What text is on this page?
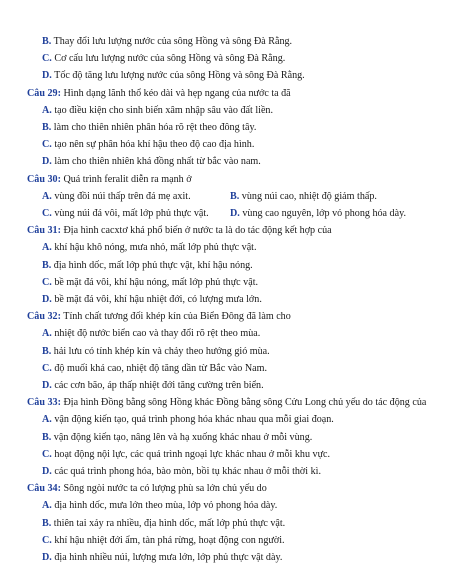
B. Thay đổi lưu lượng nước của sông Hồng và sông Đà Rằng.
C. Cơ cấu lưu lượng nước của sông Hồng và sông Đà Rằng.
D. Tốc độ tăng lưu lượng nước của sông Hồng và sông Đà Rằng.
Câu 29: Hình dạng lãnh thổ kéo dài và hẹp ngang của nước ta đã
A. tạo điều kiện cho sinh biến xâm nhập sâu vào đất liền.
B. làm cho thiên nhiên phân hóa rõ rệt theo đông tây.
C. tạo nên sự phân hóa khí hậu theo độ cao địa hình.
D. làm cho thiên nhiên khá đồng nhất từ bắc vào nam.
Câu 30: Quá trình feralit diễn ra mạnh ở
A. vùng đồi núi thấp trên đá mẹ axit.	B. vùng núi cao, nhiệt độ giảm thấp.
C. vùng núi đá vôi, mất lớp phủ thực vật. D. vùng cao nguyên, lớp vỏ phong hóa dày.
Câu 31: Địa hình cacxtơ khá phổ biến ở nước ta là do tác động kết hợp của
A. khí hậu khô nóng, mưa nhỏ, mất lớp phủ thực vật.
B. địa hình dốc, mất lớp phủ thực vật, khí hậu nóng.
C. bề mặt đá vôi, khí hậu nóng, mất lớp phủ thực vật.
D. bề mặt đá vôi, khí hậu nhiệt đới, có lượng mưa lớn.
Câu 32: Tính chất tương đối khép kín của Biển Đông đã làm cho
A. nhiệt độ nước biển cao và thay đổi rõ rệt theo mùa.
B. hải lưu có tính khép kín và chảy theo hướng gió mùa.
C. độ muối khá cao, nhiệt độ tăng dần từ Bắc vào Nam.
D. các cơn bão, áp thấp nhiệt đới tăng cường trên biển.
Câu 33: Địa hình Đồng bằng sông Hồng khác Đồng bằng sông Cửu Long chủ yếu do tác động của
A. vận động kiến tạo, quá trình phong hóa khác nhau qua mỗi giai đoạn.
B. vận động kiến tạo, nâng lên và hạ xuống khác nhau ở mỗi vùng.
C. hoạt động nội lực, các quá trình ngoại lực khác nhau ở mỗi khu vực.
D. các quá trình phong hóa, bào mòn, bồi tụ khác nhau ở mỗi thời kì.
Câu 34: Sông ngòi nước ta có lượng phù sa lớn chủ yếu do
A. địa hình dốc, mưa lớn theo mùa, lớp vỏ phong hóa dày.
B. thiên tai xảy ra nhiều, địa hình dốc, mất lớp phủ thực vật.
C. khí hậu nhiệt đới ẩm, tàn phá rừng, hoạt động con người.
D. địa hình nhiều núi, lượng mưa lớn, lớp phủ thực vật dày.
